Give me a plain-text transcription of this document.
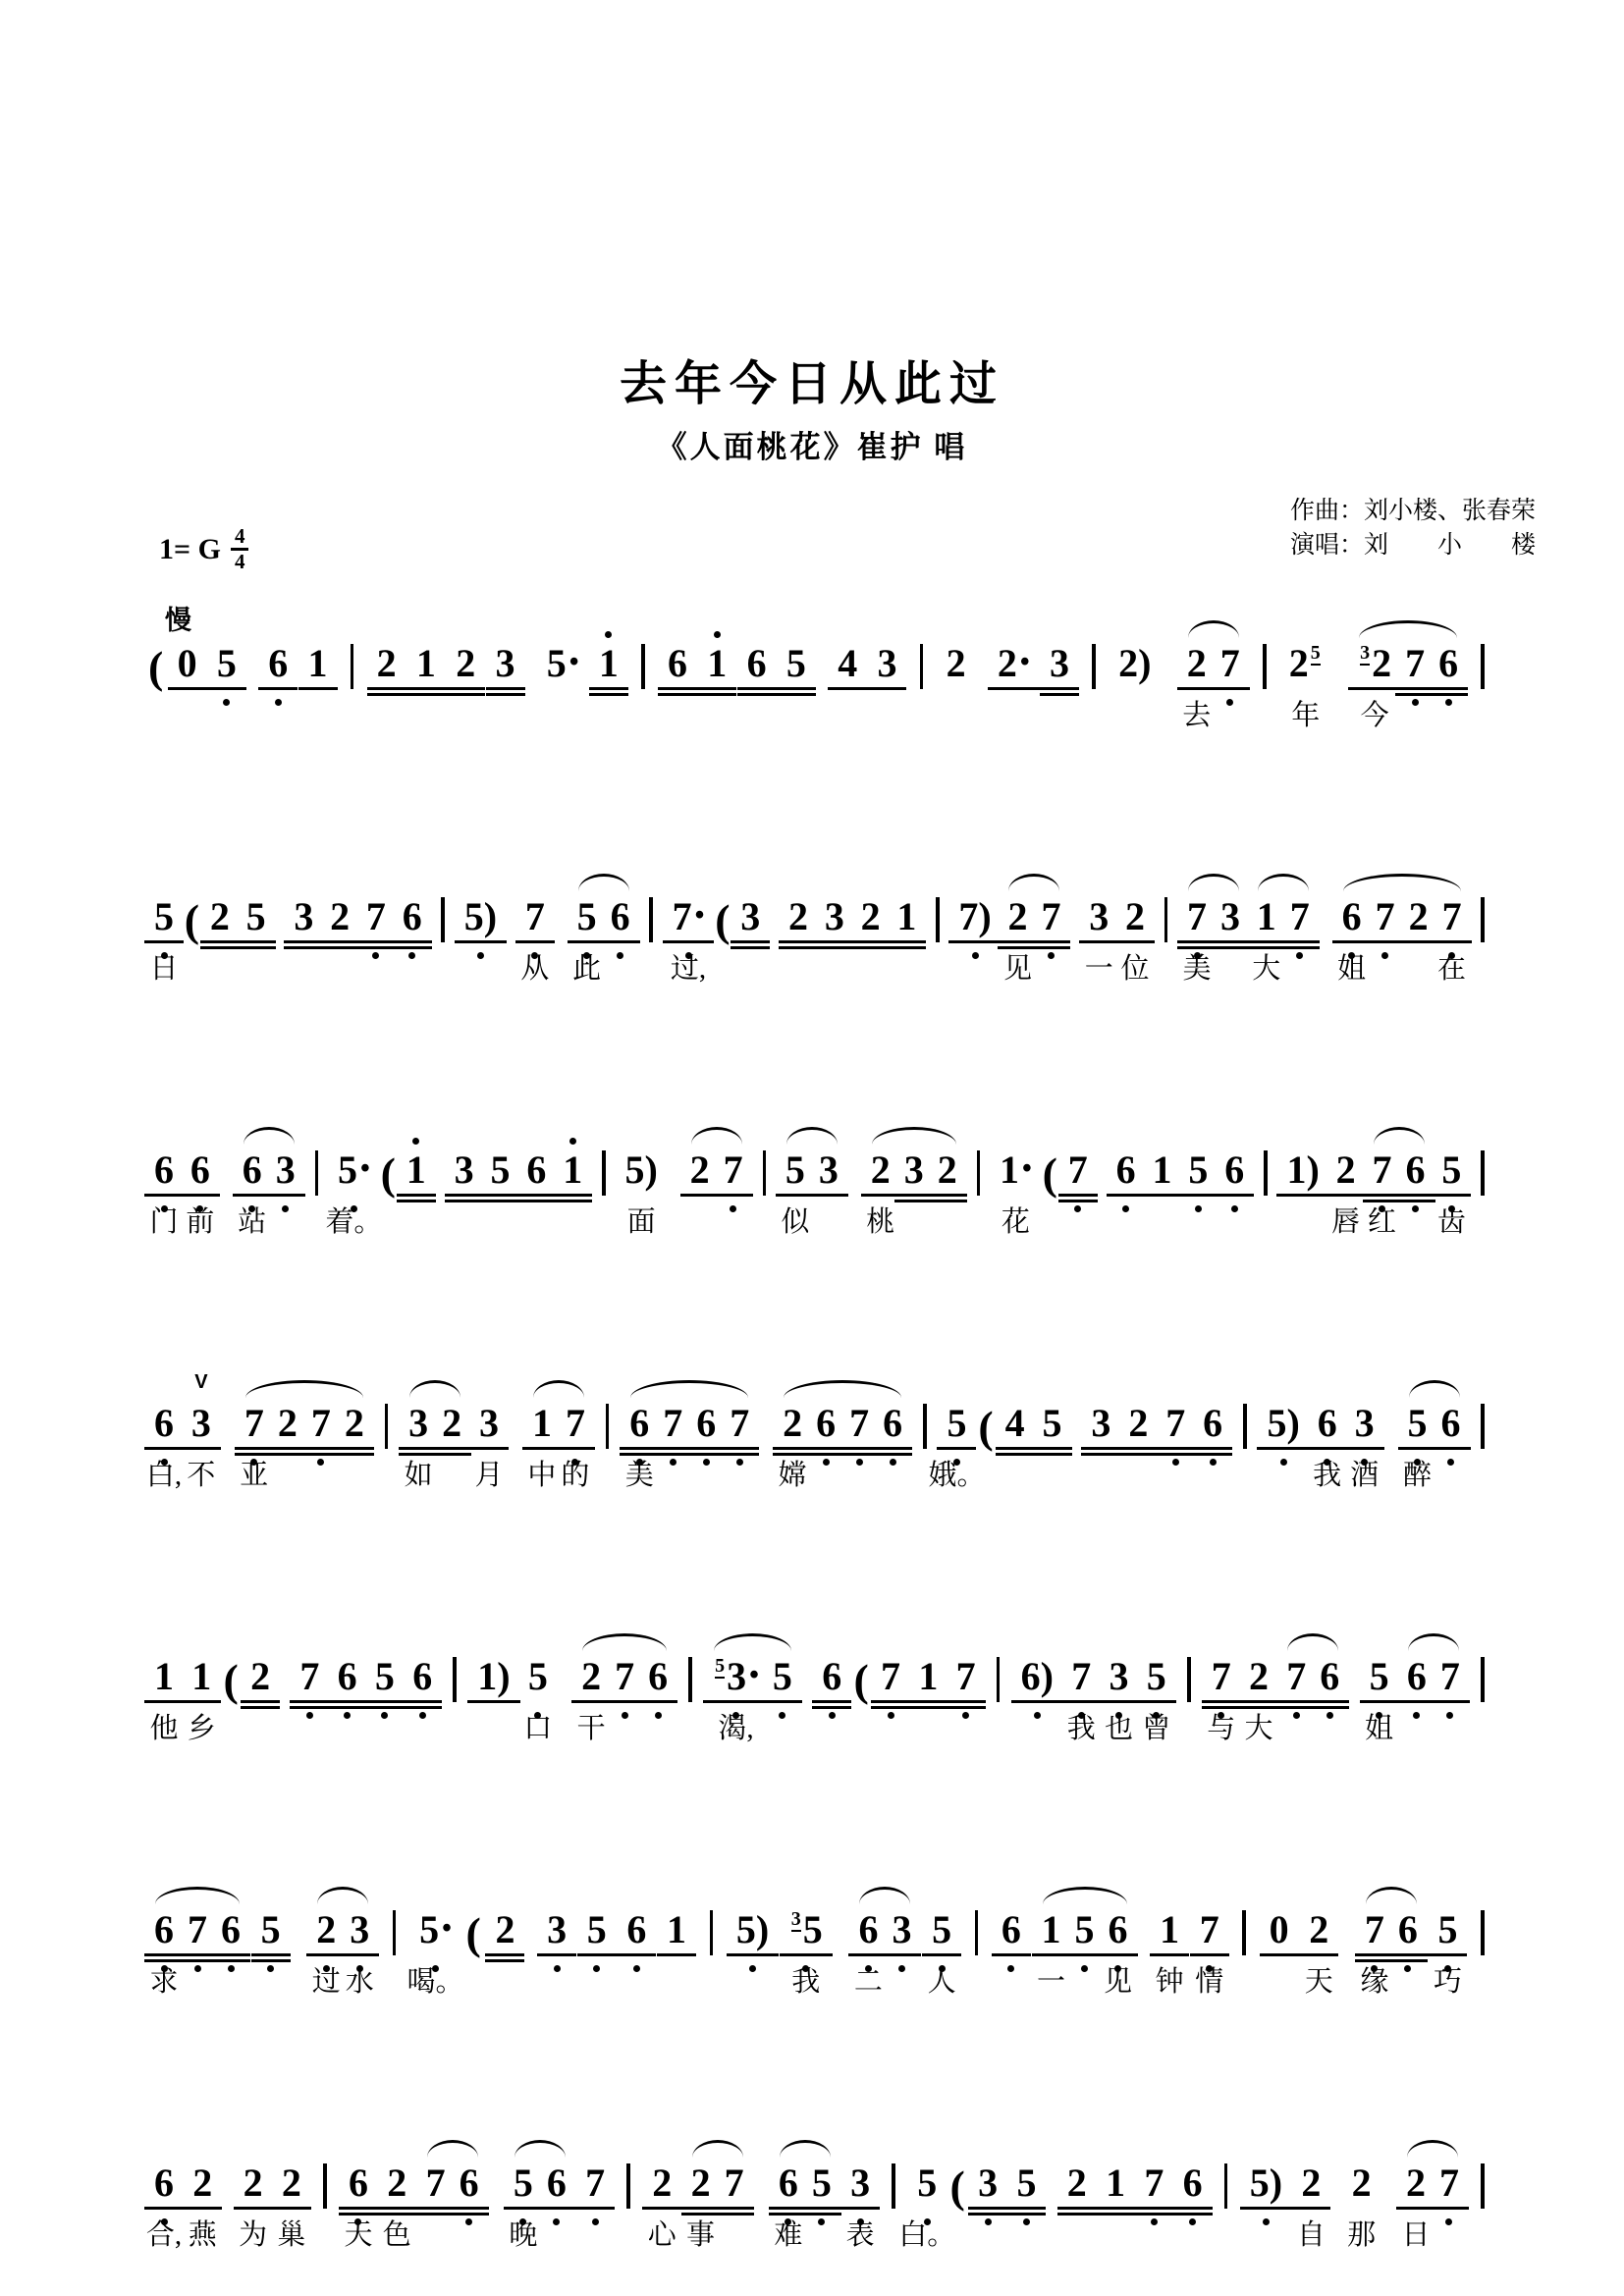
去年今日从此过
《人面桃花》崔护 唱
作曲：刘小楼、张春荣
演唱：刘　　小　　楼
1= G $\frac{4}{4}$
慢
( 0 5 6 1 2 1 2 3 5 • 1 6 1 6 5 4 3 2 2 • 3 2) 2 7 2 $^5$	$^3$2 7 6
去	年 今
5 ( 2 5 3 2 7 6 5) 7 5 6 7 • ( 3 2 3 2 1 7) 2 7 3 2 7 3 1 7 6 7 2 7
日	从 此 过,	见 一 位 美 大 姐	在
6 6 6 3 5 • ( 1 3 5 6 1 5) 2 7 5 3 2 3 2 1 • ( 7 6 1 5 6 1) 2 7 6 5
门 前 站 着。	面	似 桃	花	唇 红 齿
6 3
V
7 2 7 2 3 2 3 1 7 6 7 6 7 2 6 7 6 5 ( 4 5 3 2 7 6 5) 6 3 5 6
白, 不 亚	如 月 中 的 美	嫦	娥。	我 酒 醉
1 1 ( 2 7 6 5 6 1) 5 2 7 6	$^5$3 • 5 6 ( 7 1 7 6) 7 3 5 7 2 7 6 5 6 7
他 乡	口 干	渴,	我 也 曾 与 大	姐
6 7 6 5 2 3 5 • ( 2 3 5 6 1 5) $^3$5 6 3 5 6 1 5 6 1 7 0 2 7 6 5
求	过 水 喝。	我 二 人	一 见 钟 情	天 缘 巧
6 2 2 2 6 2 7 6 5 6 7 2 2 7 6 5 3 5 ( 3 5 2 1 7 6 5) 2 2 2 7
合, 燕 为 巢 天 色	晚	心 事 难 表 白。	自 那 日
